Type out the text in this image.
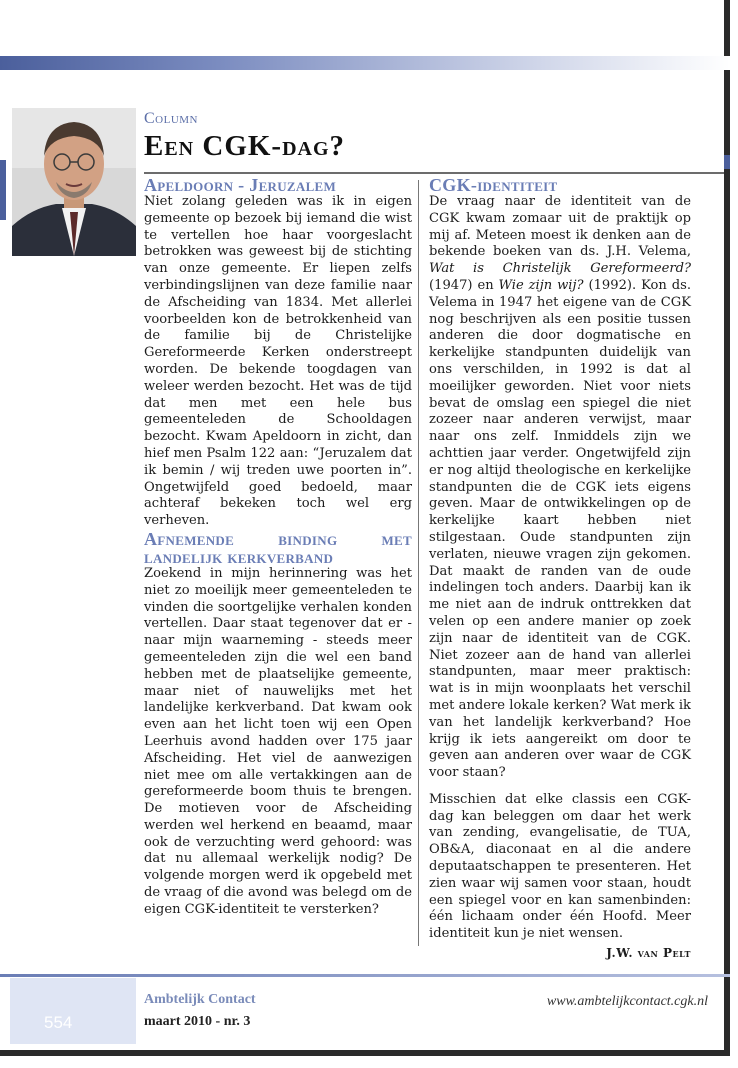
Column
Een CGK-dag?
Apeldoorn - Jeruzalem

Niet zolang geleden was ik in eigen gemeente op bezoek bij iemand die wist te vertellen hoe haar voorgeslacht betrokken was geweest bij de stichting van onze gemeente. Er liepen zelfs verbindingslijnen van deze familie naar de Afscheiding van 1834. Met allerlei voorbeelden kon de betrokkenheid van de familie bij de Christelijke Gereformeerde Kerken onderstreept worden. De bekende toogdagen van weleer werden bezocht. Het was de tijd dat men met een hele bus gemeenteleden de Schooldagen bezocht. Kwam Apeldoorn in zicht, dan hief men Psalm 122 aan: “Jeruzalem dat ik bemin / wij treden uwe poorten in”. Ongetwijfeld goed bedoeld, maar achteraf bekeken toch wel erg verheven.

Afnemende binding met landelijk kerkverband

Zoekend in mijn herinnering was het niet zo moeilijk meer gemeenteleden te vinden die soortgelijke verhalen konden vertellen. Daar staat tegenover dat er - naar mijn waarneming - steeds meer gemeenteleden zijn die wel een band hebben met de plaatselijke gemeente, maar niet of nauwelijks met het landelijke kerkverband. Dat kwam ook even aan het licht toen wij een Open Leerhuis avond hadden over 175 jaar Afscheiding. Het viel de aanwezigen niet mee om alle vertakkingen aan de gereformeerde boom thuis te brengen. De motieven voor de Afscheiding werden wel herkend en beaamd, maar ook de verzuchting werd gehoord: was dat nu allemaal werkelijk nodig? De volgende morgen werd ik opgebeld met de vraag of die avond was belegd om de eigen CGK-identiteit te versterken?

CGK-identiteit

De vraag naar de identiteit van de CGK kwam zomaar uit de praktijk op mij af. Meteen moest ik denken aan de bekende boeken van ds. J.H. Velema, Wat is Christelijk Gereformeerd? (1947) en Wie zijn wij? (1992). Kon ds. Velema in 1947 het eigene van de CGK nog beschrijven als een positie tussen anderen die door dogmatische en kerkelijke standpunten duidelijk van ons verschilden, in 1992 is dat al moeilijker geworden. Niet voor niets bevat de omslag een spiegel die niet zozeer naar anderen verwijst, maar naar ons zelf. Inmiddels zijn we achttien jaar verder. Ongetwijfeld zijn er nog altijd theologische en kerkelijke standpunten die de CGK iets eigens geven. Maar de ontwikkelingen op de kerkelijke kaart hebben niet stilgestaan. Oude standpunten zijn verlaten, nieuwe vragen zijn gekomen. Dat maakt de randen van de oude indelingen toch anders. Daarbij kan ik me niet aan de indruk onttrekken dat velen op een andere manier op zoek zijn naar de identiteit van de CGK. Niet zozeer aan de hand van allerlei standpunten, maar meer praktisch: wat is in mijn woonplaats het verschil met andere lokale kerken? Wat merk ik van het landelijk kerkverband? Hoe krijg ik iets aangereikt om door te geven aan anderen over waar de CGK voor staan?

Misschien dat elke classis een CGK-dag kan beleggen om daar het werk van zending, evangelisatie, de TUA, OB&A, diaconaat en al die andere deputaatschappen te presenteren. Het zien waar wij samen voor staan, houdt een spiegel voor en kan samenbinden: één lichaam onder één Hoofd. Meer identiteit kun je niet wensen.

J.W. van Pelt
554
Ambtelijk Contact
maart 2010 - nr. 3
www.ambtelijkcontact.cgk.nl
